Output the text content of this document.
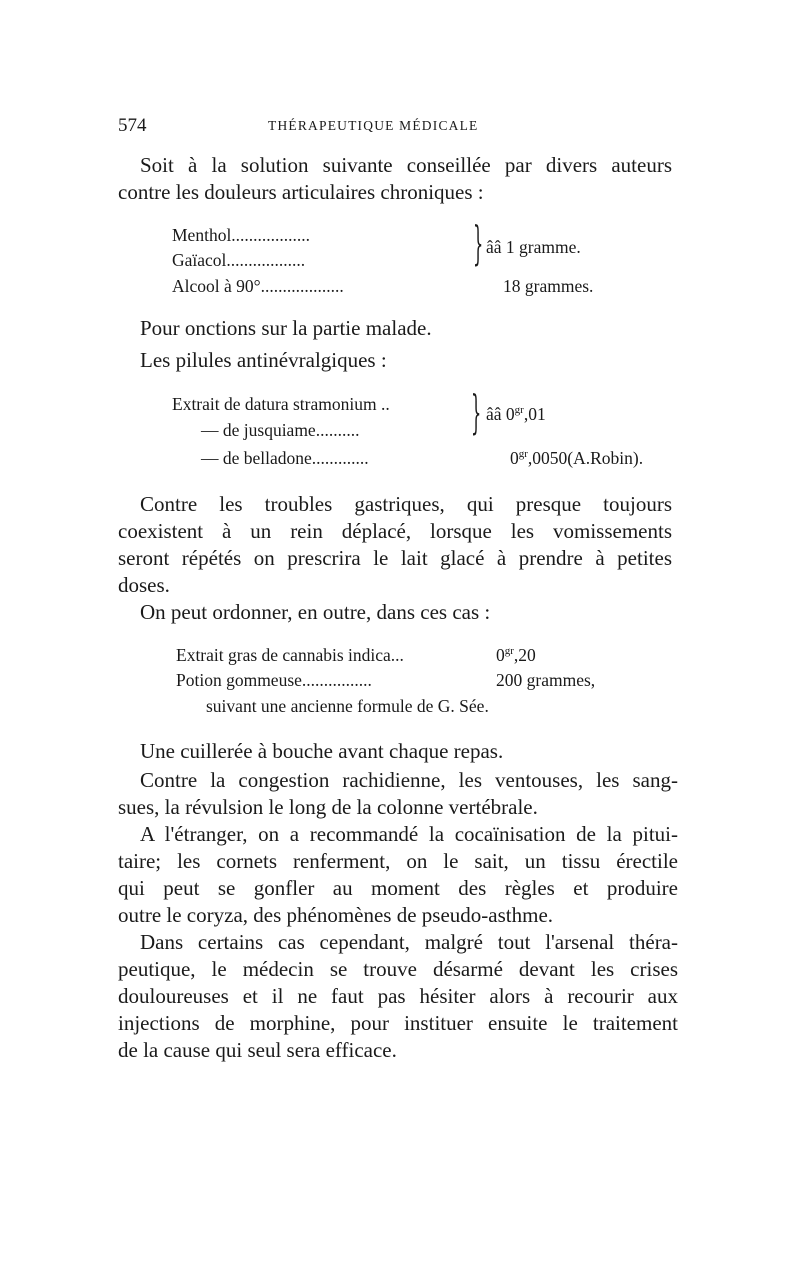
574	THÉRAPEUTIQUE MÉDICALE

Soit à la solution suivante conseillée par divers auteurs

contre les douleurs articulaires chroniques :

Menthol..................
Gaïacol..................	} ââ 1 gramme.
Alcool à 90°...................	18 grammes.

Pour onctions sur la partie malade.

Les pilules antinévralgiques :

Extrait de datura stramonium ..
— de jusquiame.......... } ââ $0^{gr},01$
— de belladone.............	$0^{gr},0050(A.Robin)$.

Contre les troubles gastriques, qui presque toujours

coexistent à un rein déplacé, lorsque les vomissements

seront répétés on prescrira le lait glacé à prendre à petites

doses.

On peut ordonner, en outre, dans ces cas :

Extrait gras de cannabis indica...	$0^{gr},20$
Potion gommeuse................	200 grammes,
suivant une ancienne formule de G. Sée.

Une cuillerée à bouche avant chaque repas.

Contre la congestion rachidienne, les ventouses, les sang-

sues, la révulsion le long de la colonne vertébrale.

A l'étranger, on a recommandé la cocaïnisation de la pitui-

taire; les cornets renferment, on le sait, un tissu érectile

qui peut se gonfler au moment des règles et produire

outre le coryza, des phénomènes de pseudo-asthme.

Dans certains cas cependant, malgré tout l'arsenal théra-

peutique, le médecin se trouve désarmé devant les crises

douloureuses et il ne faut pas hésiter alors à recourir aux

injections de morphine, pour instituer ensuite le traitement

de la cause qui seul sera efficace.
